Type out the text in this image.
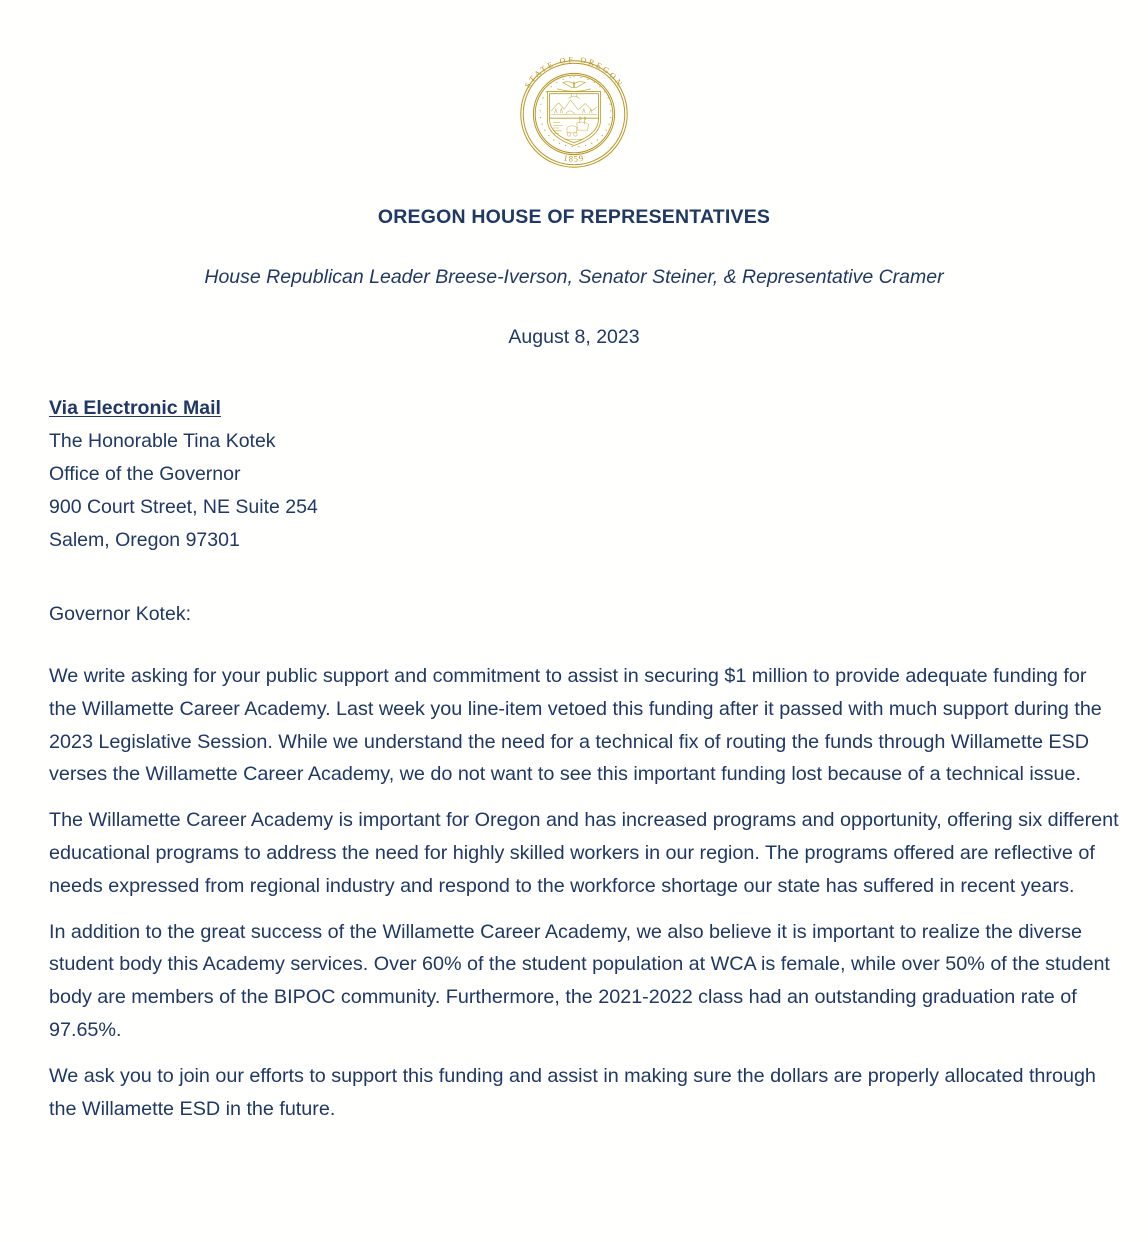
STATE OF OREGON
1859
OREGON HOUSE OF REPRESENTATIVES
House Republican Leader Breese-Iverson, Senator Steiner, & Representative Cramer
August 8, 2023
Via Electronic Mail
The Honorable Tina Kotek
Office of the Governor
900 Court Street, NE Suite 254
Salem, Oregon 97301
Governor Kotek:

We write asking for your public support and commitment to assist in securing $1 million to provide adequate funding for the Willamette Career Academy. Last week you line-item vetoed this funding after it passed with much support during the 2023 Legislative Session. While we understand the need for a technical fix of routing the funds through Willamette ESD verses the Willamette Career Academy, we do not want to see this important funding lost because of a technical issue.

The Willamette Career Academy is important for Oregon and has increased programs and opportunity, offering six different educational programs to address the need for highly skilled workers in our region. The programs offered are reflective of needs expressed from regional industry and respond to the workforce shortage our state has suffered in recent years.

In addition to the great success of the Willamette Career Academy, we also believe it is important to realize the diverse student body this Academy services. Over 60% of the student population at WCA is female, while over 50% of the student body are members of the BIPOC community. Furthermore, the 2021-2022 class had an outstanding graduation rate of 97.65%.

We ask you to join our efforts to support this funding and assist in making sure the dollars are properly allocated through the Willamette ESD in the future.
